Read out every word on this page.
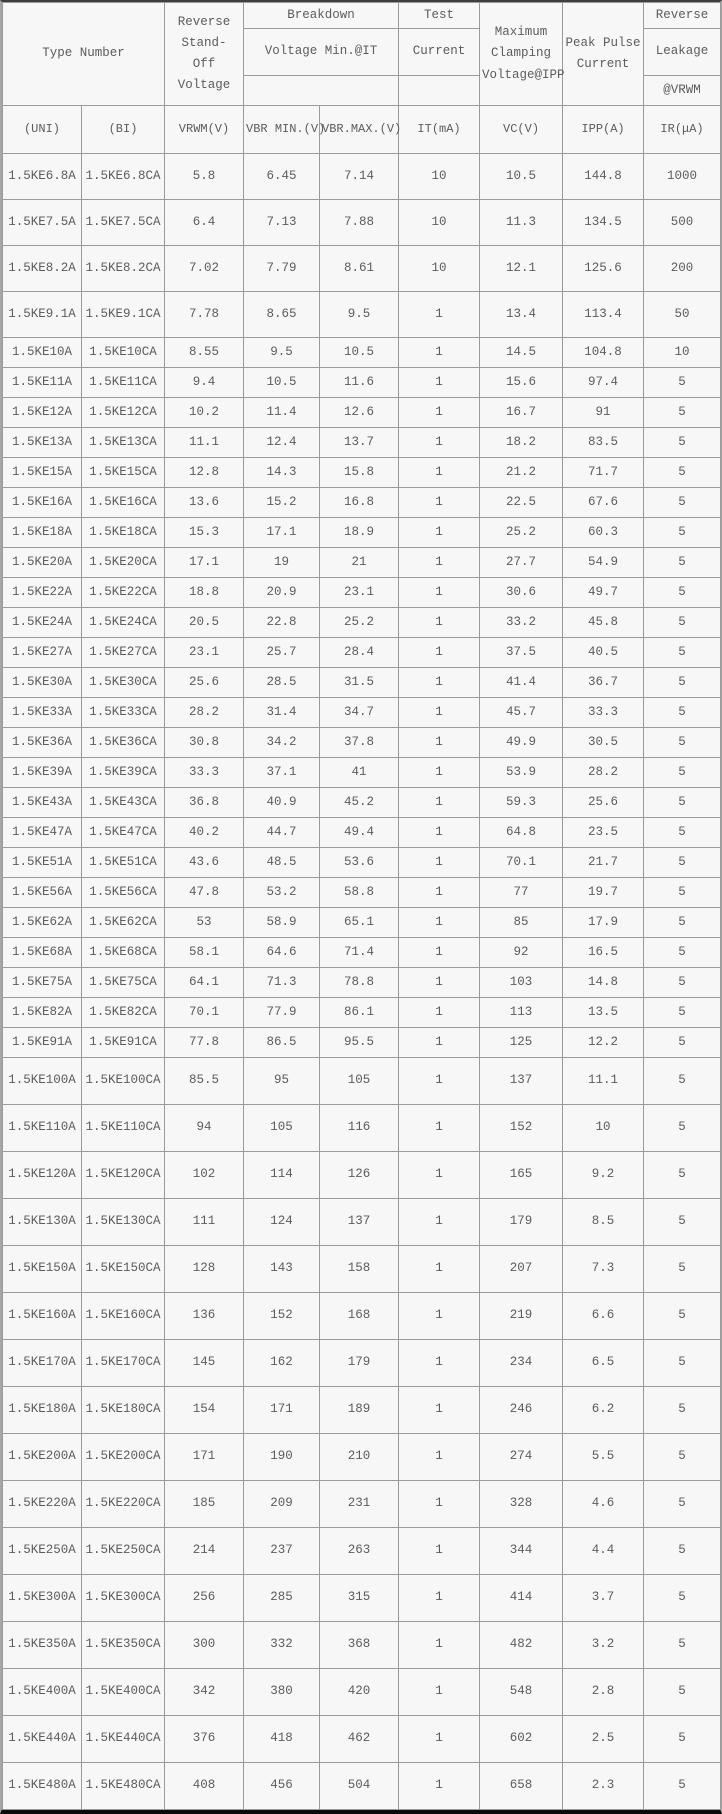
Type Number		Reverse Stand- Off Voltage	Breakdown		Test	Maximum Clamping Voltage@IPP	Peak Pulse Current	Reverse
			Voltage Min.@IT		Current			Leakage
								@VRWM
(UNI)	(BI)	VRWM(V)	VBR MIN.(V)	VBR.MAX.(V)	IT(mA)	VC(V)	IPP(A)	IR(μA)
1.5KE6.8A	1.5KE6.8CA	5.8	6.45	7.14	10	10.5	144.8	1000
1.5KE7.5A	1.5KE7.5CA	6.4	7.13	7.88	10	11.3	134.5	500
1.5KE8.2A	1.5KE8.2CA	7.02	7.79	8.61	10	12.1	125.6	200
1.5KE9.1A	1.5KE9.1CA	7.78	8.65	9.5	1	13.4	113.4	50
1.5KE10A	1.5KE10CA	8.55	9.5	10.5	1	14.5	104.8	10
1.5KE11A	1.5KE11CA	9.4	10.5	11.6	1	15.6	97.4	5
1.5KE12A	1.5KE12CA	10.2	11.4	12.6	1	16.7	91	5
1.5KE13A	1.5KE13CA	11.1	12.4	13.7	1	18.2	83.5	5
1.5KE15A	1.5KE15CA	12.8	14.3	15.8	1	21.2	71.7	5
1.5KE16A	1.5KE16CA	13.6	15.2	16.8	1	22.5	67.6	5
1.5KE18A	1.5KE18CA	15.3	17.1	18.9	1	25.2	60.3	5
1.5KE20A	1.5KE20CA	17.1	19	21	1	27.7	54.9	5
1.5KE22A	1.5KE22CA	18.8	20.9	23.1	1	30.6	49.7	5
1.5KE24A	1.5KE24CA	20.5	22.8	25.2	1	33.2	45.8	5
1.5KE27A	1.5KE27CA	23.1	25.7	28.4	1	37.5	40.5	5
1.5KE30A	1.5KE30CA	25.6	28.5	31.5	1	41.4	36.7	5
1.5KE33A	1.5KE33CA	28.2	31.4	34.7	1	45.7	33.3	5
1.5KE36A	1.5KE36CA	30.8	34.2	37.8	1	49.9	30.5	5
1.5KE39A	1.5KE39CA	33.3	37.1	41	1	53.9	28.2	5
1.5KE43A	1.5KE43CA	36.8	40.9	45.2	1	59.3	25.6	5
1.5KE47A	1.5KE47CA	40.2	44.7	49.4	1	64.8	23.5	5
1.5KE51A	1.5KE51CA	43.6	48.5	53.6	1	70.1	21.7	5
1.5KE56A	1.5KE56CA	47.8	53.2	58.8	1	77	19.7	5
1.5KE62A	1.5KE62CA	53	58.9	65.1	1	85	17.9	5
1.5KE68A	1.5KE68CA	58.1	64.6	71.4	1	92	16.5	5
1.5KE75A	1.5KE75CA	64.1	71.3	78.8	1	103	14.8	5
1.5KE82A	1.5KE82CA	70.1	77.9	86.1	1	113	13.5	5
1.5KE91A	1.5KE91CA	77.8	86.5	95.5	1	125	12.2	5
1.5KE100A	1.5KE100CA	85.5	95	105	1	137	11.1	5
1.5KE110A	1.5KE110CA	94	105	116	1	152	10	5
1.5KE120A	1.5KE120CA	102	114	126	1	165	9.2	5
1.5KE130A	1.5KE130CA	111	124	137	1	179	8.5	5
1.5KE150A	1.5KE150CA	128	143	158	1	207	7.3	5
1.5KE160A	1.5KE160CA	136	152	168	1	219	6.6	5
1.5KE170A	1.5KE170CA	145	162	179	1	234	6.5	5
1.5KE180A	1.5KE180CA	154	171	189	1	246	6.2	5
1.5KE200A	1.5KE200CA	171	190	210	1	274	5.5	5
1.5KE220A	1.5KE220CA	185	209	231	1	328	4.6	5
1.5KE250A	1.5KE250CA	214	237	263	1	344	4.4	5
1.5KE300A	1.5KE300CA	256	285	315	1	414	3.7	5
1.5KE350A	1.5KE350CA	300	332	368	1	482	3.2	5
1.5KE400A	1.5KE400CA	342	380	420	1	548	2.8	5
1.5KE440A	1.5KE440CA	376	418	462	1	602	2.5	5
1.5KE480A	1.5KE480CA	408	456	504	1	658	2.3	5
